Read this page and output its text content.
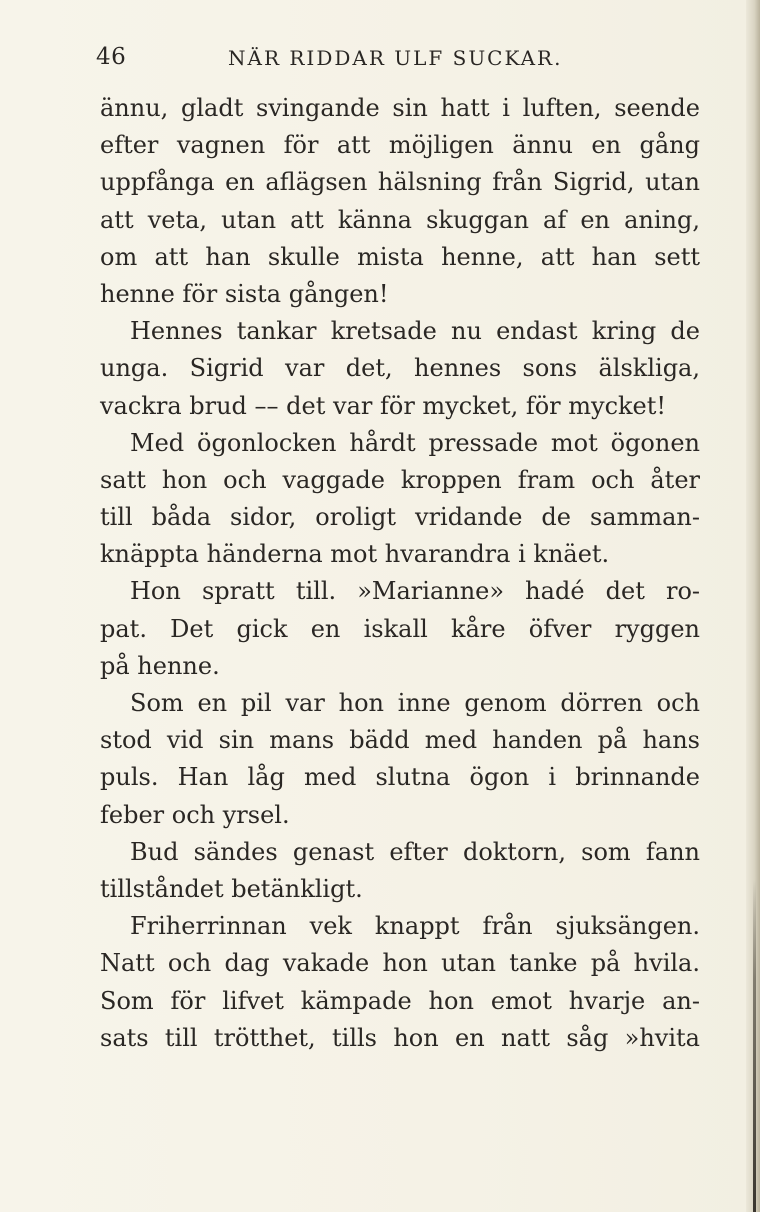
46	NÄR RIDDAR ULF SUCKAR.
ännu, gladt svingande sin hatt i luften, seende
efter vagnen för att möjligen ännu en gång
uppfånga en aflägsen hälsning från Sigrid, utan
att veta, utan att känna skuggan af en aning,
om att han skulle mista henne, att han sett
henne för sista gången!
Hennes tankar kretsade nu endast kring de
unga. Sigrid var det, hennes sons älskliga,
vackra brud –– det var för mycket, för mycket!
Med ögonlocken hårdt pressade mot ögonen
satt hon och vaggade kroppen fram och åter
till båda sidor, oroligt vridande de samman-
knäppta händerna mot hvarandra i knäet.
Hon spratt till. »Marianne» hadé det ro-
pat. Det gick en iskall kåre öfver ryggen
på henne.
Som en pil var hon inne genom dörren och
stod vid sin mans bädd med handen på hans
puls. Han låg med slutna ögon i brinnande
feber och yrsel.
Bud sändes genast efter doktorn, som fann
tillståndet betänkligt.
Friherrinnan vek knappt från sjuksängen.
Natt och dag vakade hon utan tanke på hvila.
Som för lifvet kämpade hon emot hvarje an-
sats till trötthet, tills hon en natt såg »hvita
